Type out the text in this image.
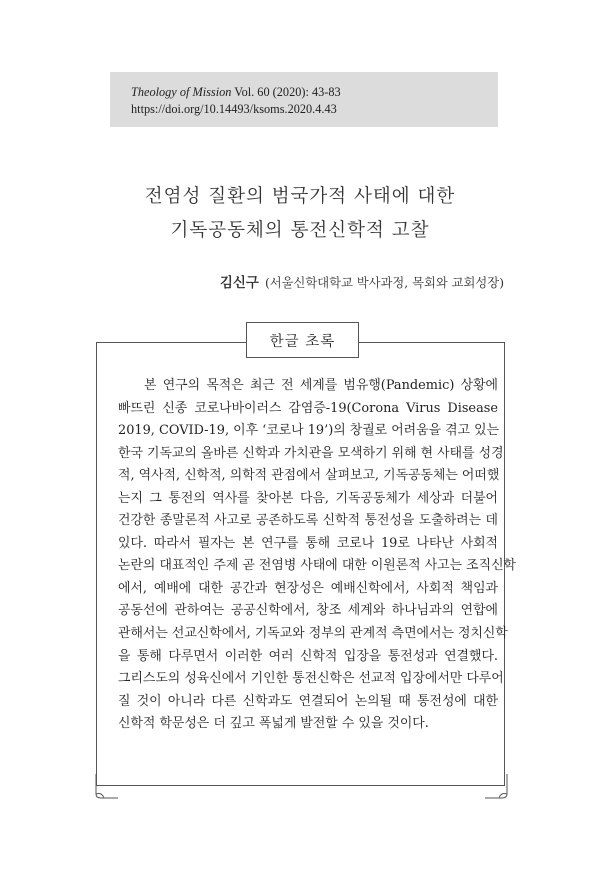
Theology of Mission Vol. 60 (2020): 43-83
https://doi.org/10.14493/ksoms.2020.4.43
전염성 질환의 범국가적 사태에 대한
기독공동체의 통전신학적 고찰
김신구 (서울신학대학교 박사과정, 목회와 교회성장)
한글 초록
본 연구의 목적은 최근 전 세계를 범유행(Pandemic) 상황에
빠뜨린 신종 코로나바이러스 감염증-19(Corona Virus Disease
2019, COVID-19, 이후 ‘코로나 19’)의 창궐로 어려움을 겪고 있는
한국 기독교의 올바른 신학과 가치관을 모색하기 위해 현 사태를 성경
적, 역사적, 신학적, 의학적 관점에서 살펴보고, 기독공동체는 어떠했
는지 그 통전의 역사를 찾아본 다음, 기독공동체가 세상과 더불어
건강한 종말론적 사고로 공존하도록 신학적 통전성을 도출하려는 데
있다. 따라서 필자는 본 연구를 통해 코로나 19로 나타난 사회적
논란의 대표적인 주제 곧 전염병 사태에 대한 이원론적 사고는 조직신학
에서, 예배에 대한 공간과 현장성은 예배신학에서, 사회적 책임과
공동선에 관하여는 공공신학에서, 창조 세계와 하나님과의 연합에
관해서는 선교신학에서, 기독교와 정부의 관계적 측면에서는 정치신학
을 통해 다루면서 이러한 여러 신학적 입장을 통전성과 연결했다.
그리스도의 성육신에서 기인한 통전신학은 선교적 입장에서만 다루어
질 것이 아니라 다른 신학과도 연결되어 논의될 때 통전성에 대한
신학적 학문성은 더 깊고 폭넓게 발전할 수 있을 것이다.
